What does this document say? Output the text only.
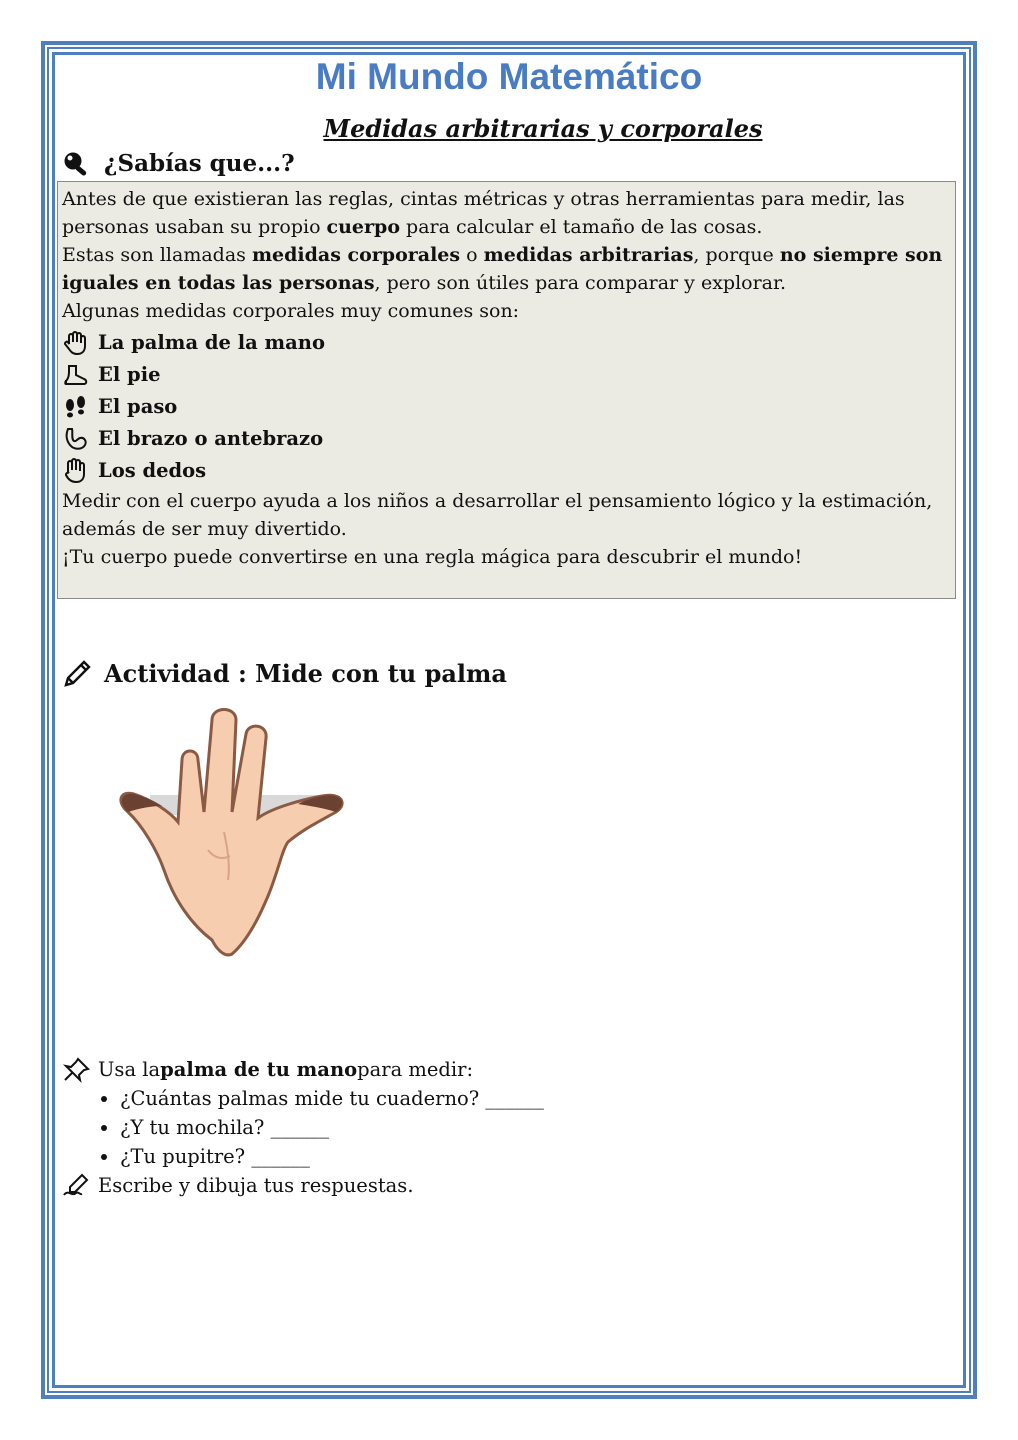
Mi Mundo Matemático
Medidas arbitrarias y corporales
¿Sabías que...?

Antes de que existieran las reglas, cintas métricas y otras herramientas para medir, las personas usaban su propio cuerpo para calcular el tamaño de las cosas.

Estas son llamadas medidas corporales o medidas arbitrarias, porque no siempre son iguales en todas las personas, pero son útiles para comparar y explorar.

Algunas medidas corporales muy comunes son:

La palma de la mano
El pie
El paso
El brazo o antebrazo
Los dedos

Medir con el cuerpo ayuda a los niños a desarrollar el pensamiento lógico y la estimación, además de ser muy divertido.

¡Tu cuerpo puede convertirse en una regla mágica para descubrir el mundo!

Actividad : Mide con tu palma
Usa la palma de tu mano para medir:
• ¿Cuántas palmas mide tu cuaderno? ______
• ¿Y tu mochila? ______
• ¿Tu pupitre? ______
Escribe y dibuja tus respuestas.
